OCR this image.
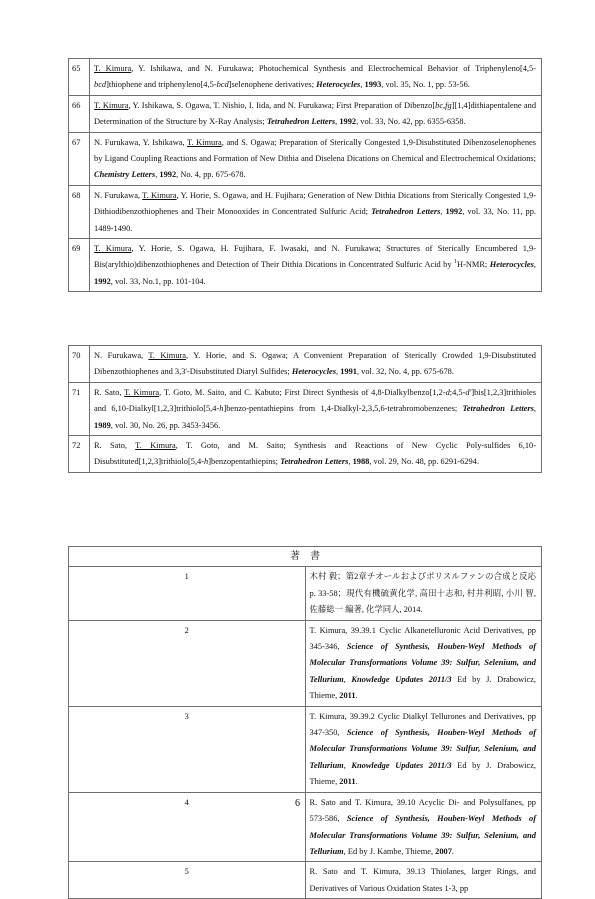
65	T. Kimura, Y. Ishikawa, and N. Furukawa; Photochemical Synthesis and Electrochemical Behavior of Triphenyleno[4,5-bcd]thiophene and triphenyleno[4,5-bcd]selenophene derivatives; Heterocycles, 1993, vol. 35, No. 1, pp. 53-56.
66	T. Kimura, Y. Ishikawa, S. Ogawa, T. Nishio, I. Iida, and N. Furukawa; First Preparation of Dibenzo[bc,fg][1,4]dithiapentalene and Determination of the Structure by X-Ray Analysis; Tetrahedron Letters, 1992, vol. 33, No. 42, pp. 6355-6358.
67	N. Furukawa, Y. Ishikawa, T. Kimura, and S. Ogawa; Preparation of Sterically Congested 1,9-Disubstituted Dibenzoselenophenes by Ligand Coupling Reactions and Formation of New Dithia and Diselena Dications on Chemical and Electrochemical Oxidations; Chemistry Letters, 1992, No. 4, pp. 675-678.
68	N. Furukawa, T. Kimura, Y. Horie, S. Ogawa, and H. Fujihara; Generation of New Dithia Dications from Sterically Congested 1,9-Dithiodibenzothiophenes and Their Monooxides in Concentrated Sulfuric Acid; Tetrahedron Letters, 1992, vol. 33, No. 11, pp. 1489-1490.
69	T. Kimura, Y. Horie, S. Ogawa, H. Fujihara, F. Iwasaki, and N. Furukawa; Structures of Sterically Encumbered 1,9-Bis(arylthio)dibenzothiophenes and Detection of Their Dithia Dications in Concentrated Sulfuric Acid by $^1$H-NMR; Heterocycles, 1992, vol. 33, No.1, pp. 101-104.
70	N. Furukawa, T. Kimura, Y. Horie, and S. Ogawa; A Convenient Preparation of Sterically Crowded 1,9-Disubstituted Dibenzothiophenes and 3,3'-Disubstituted Diaryl Sulfides; Heterocycles, 1991, vol. 32, No. 4, pp. 675-678.
71	R. Sato, T. Kimura, T. Goto, M. Saito, and C. Kabuto; First Direct Synthesis of 4,8-Dialkylbenzo[1,2-d;4,5-d']bis[1,2,3]trithioles and 6,10-Dialkyl[1,2,3]trithiolo[5,4-h]benzo-pentathiepins from 1,4-Dialkyl-2,3,5,6-tetrabromobenzenes; Tetrahedron Letters, 1989, vol. 30, No. 26, pp. 3453-3456.
72	R. Sato, T. Kimura, T. Goto, and M. Saito; Synthesis and Reactions of New Cyclic Poly-sulfides 6,10-Disubstituted[1,2,3]trithiolo[5,4-h]benzopentathiepins; Tetrahedron Letters, 1988, vol. 29, No. 48, pp. 6291-6294.
著書	
1	木村 毅；第2章チオールおよびポリスルファンの合成と反応 p. 33-58；現代有機硫黄化学, 高田十志和, 村井利昭, 小川 智, 佐藤総一 編著, 化学同人, 2014.
2	T. Kimura, 39.39.1 Cyclic Alkanetelluronic Acid Derivatives, pp 345-346, Science of Synthesis, Houben-Weyl Methods of Molecular Transformations Volume 39: Sulfur, Selenium, and Tellurium, Knowledge Updates 2011/3 Ed by J. Drabowicz, Thieme, 2011.
3	T. Kimura, 39.39.2 Cyclic Dialkyl Tellurones and Derivatives, pp 347-350, Science of Synthesis, Houben-Weyl Methods of Molecular Transformations Volume 39: Sulfur, Selenium, and Tellurium, Knowledge Updates 2011/3 Ed by J. Drabowicz, Thieme, 2011.
4	R. Sato and T. Kimura, 39.10 Acyclic Di- and Polysulfanes, pp 573-586, Science of Synthesis, Houben-Weyl Methods of Molecular Transformations Volume 39: Sulfur, Selenium, and Tellurium, Ed by J. Kambe, Thieme, 2007.
5	R. Sato and T. Kimura, 39.13 Thiolanes, larger Rings, and Derivatives of Various Oxidation States 1-3, pp
6
